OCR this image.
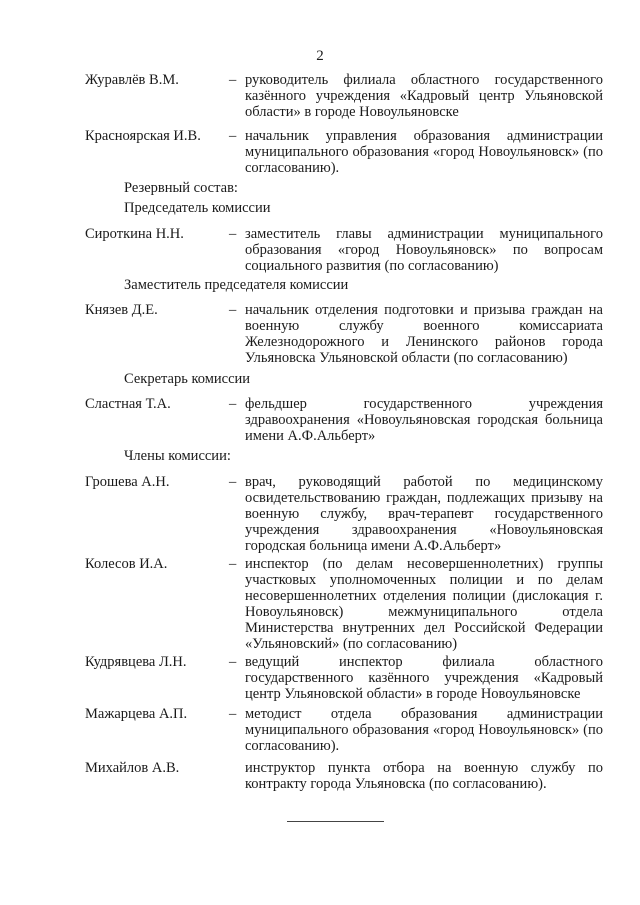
2
Журавлёв В.М.	– руководитель филиала областного государственного казённого учреждения «Кадровый центр Ульяновской области» в городе Новоульяновске
Красноярская И.В. – начальник управления образования администрации муниципального образования «город Новоульяновск» (по согласованию).
Резервный состав:
Председатель комиссии
Сироткина Н.Н.	– заместитель главы администрации муниципального образования «город Новоульяновск» по вопросам социального развития (по согласованию)
Заместитель председателя комиссии
Князев Д.Е.	– начальник отделения подготовки и призыва граждан на военную службу военного комиссариата Железнодорожного и Ленинского районов города Ульяновска Ульяновской области (по согласованию)
Секретарь комиссии
Сластная Т.А.	– фельдшер государственного учреждения здравоохранения «Новоульяновская городская больница имени А.Ф.Альберт»
Члены комиссии:
Грошева А.Н.	– врач, руководящий работой по медицинскому освидетельствованию граждан, подлежащих призыву на военную службу, врач-терапевт государственного учреждения здравоохранения «Новоульяновская городская больница имени А.Ф.Альберт»
Колесов И.А.	– инспектор (по делам несовершеннолетних) группы участковых уполномоченных полиции и по делам несовершеннолетних отделения полиции (дислокация г. Новоульяновск) межмуниципального отдела Министерства внутренних дел Российской Федерации «Ульяновский» (по согласованию)
Кудрявцева Л.Н.	– ведущий инспектор филиала областного государственного казённого учреждения «Кадровый центр Ульяновской области» в городе Новоульяновске
Мажарцева А.П.	– методист отдела образования администрации муниципального образования «город Новоульяновск» (по согласованию).
Михайлов А.В.	инструктор пункта отбора на военную службу по контракту города Ульяновска (по согласованию).
